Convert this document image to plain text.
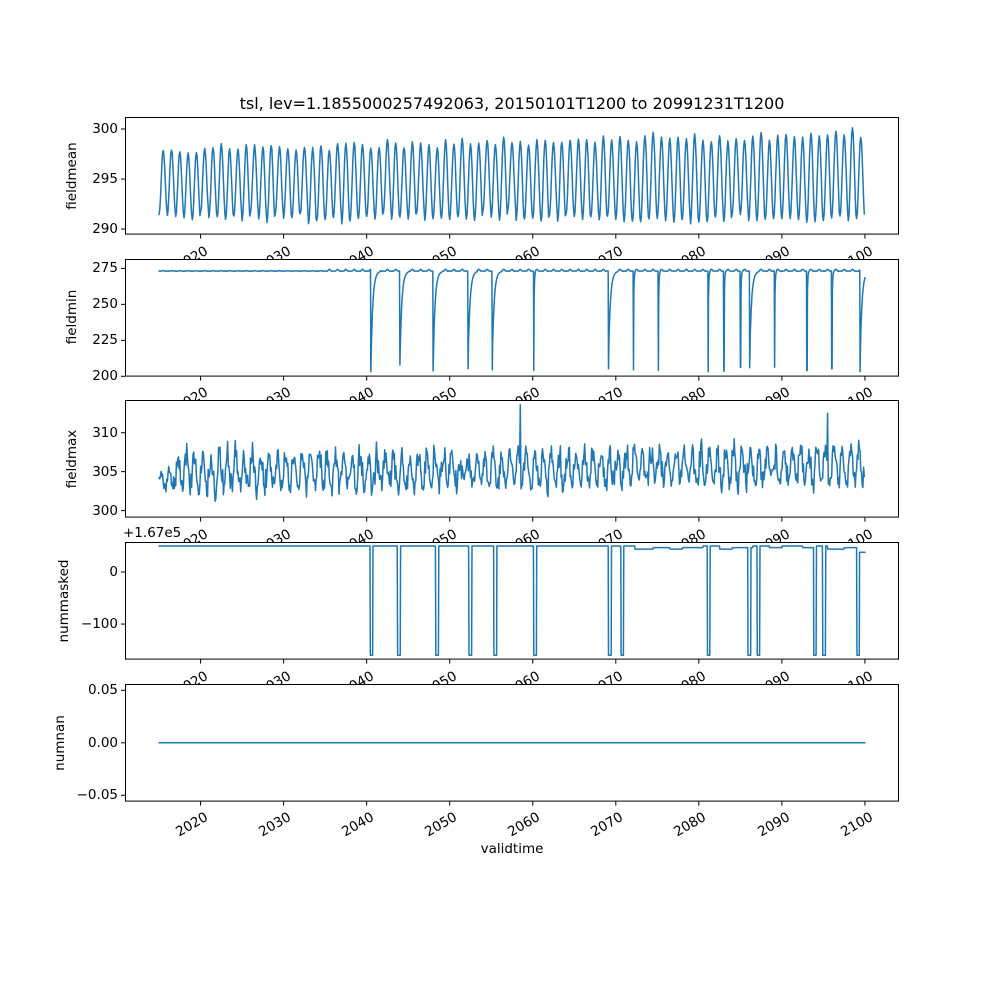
tsl, lev=1.1855000257492063, 20150101T1200 to 20991231T1200
fieldmean
290
295
300
fieldmin
200
225
250
275
fieldmax
300
305
310
nummasked
+1.67e5
0
−100
numnan
0.05
0.00
−0.05
2020	2030	2040	2050	2060	2070	2080	2090	2100
validtime
